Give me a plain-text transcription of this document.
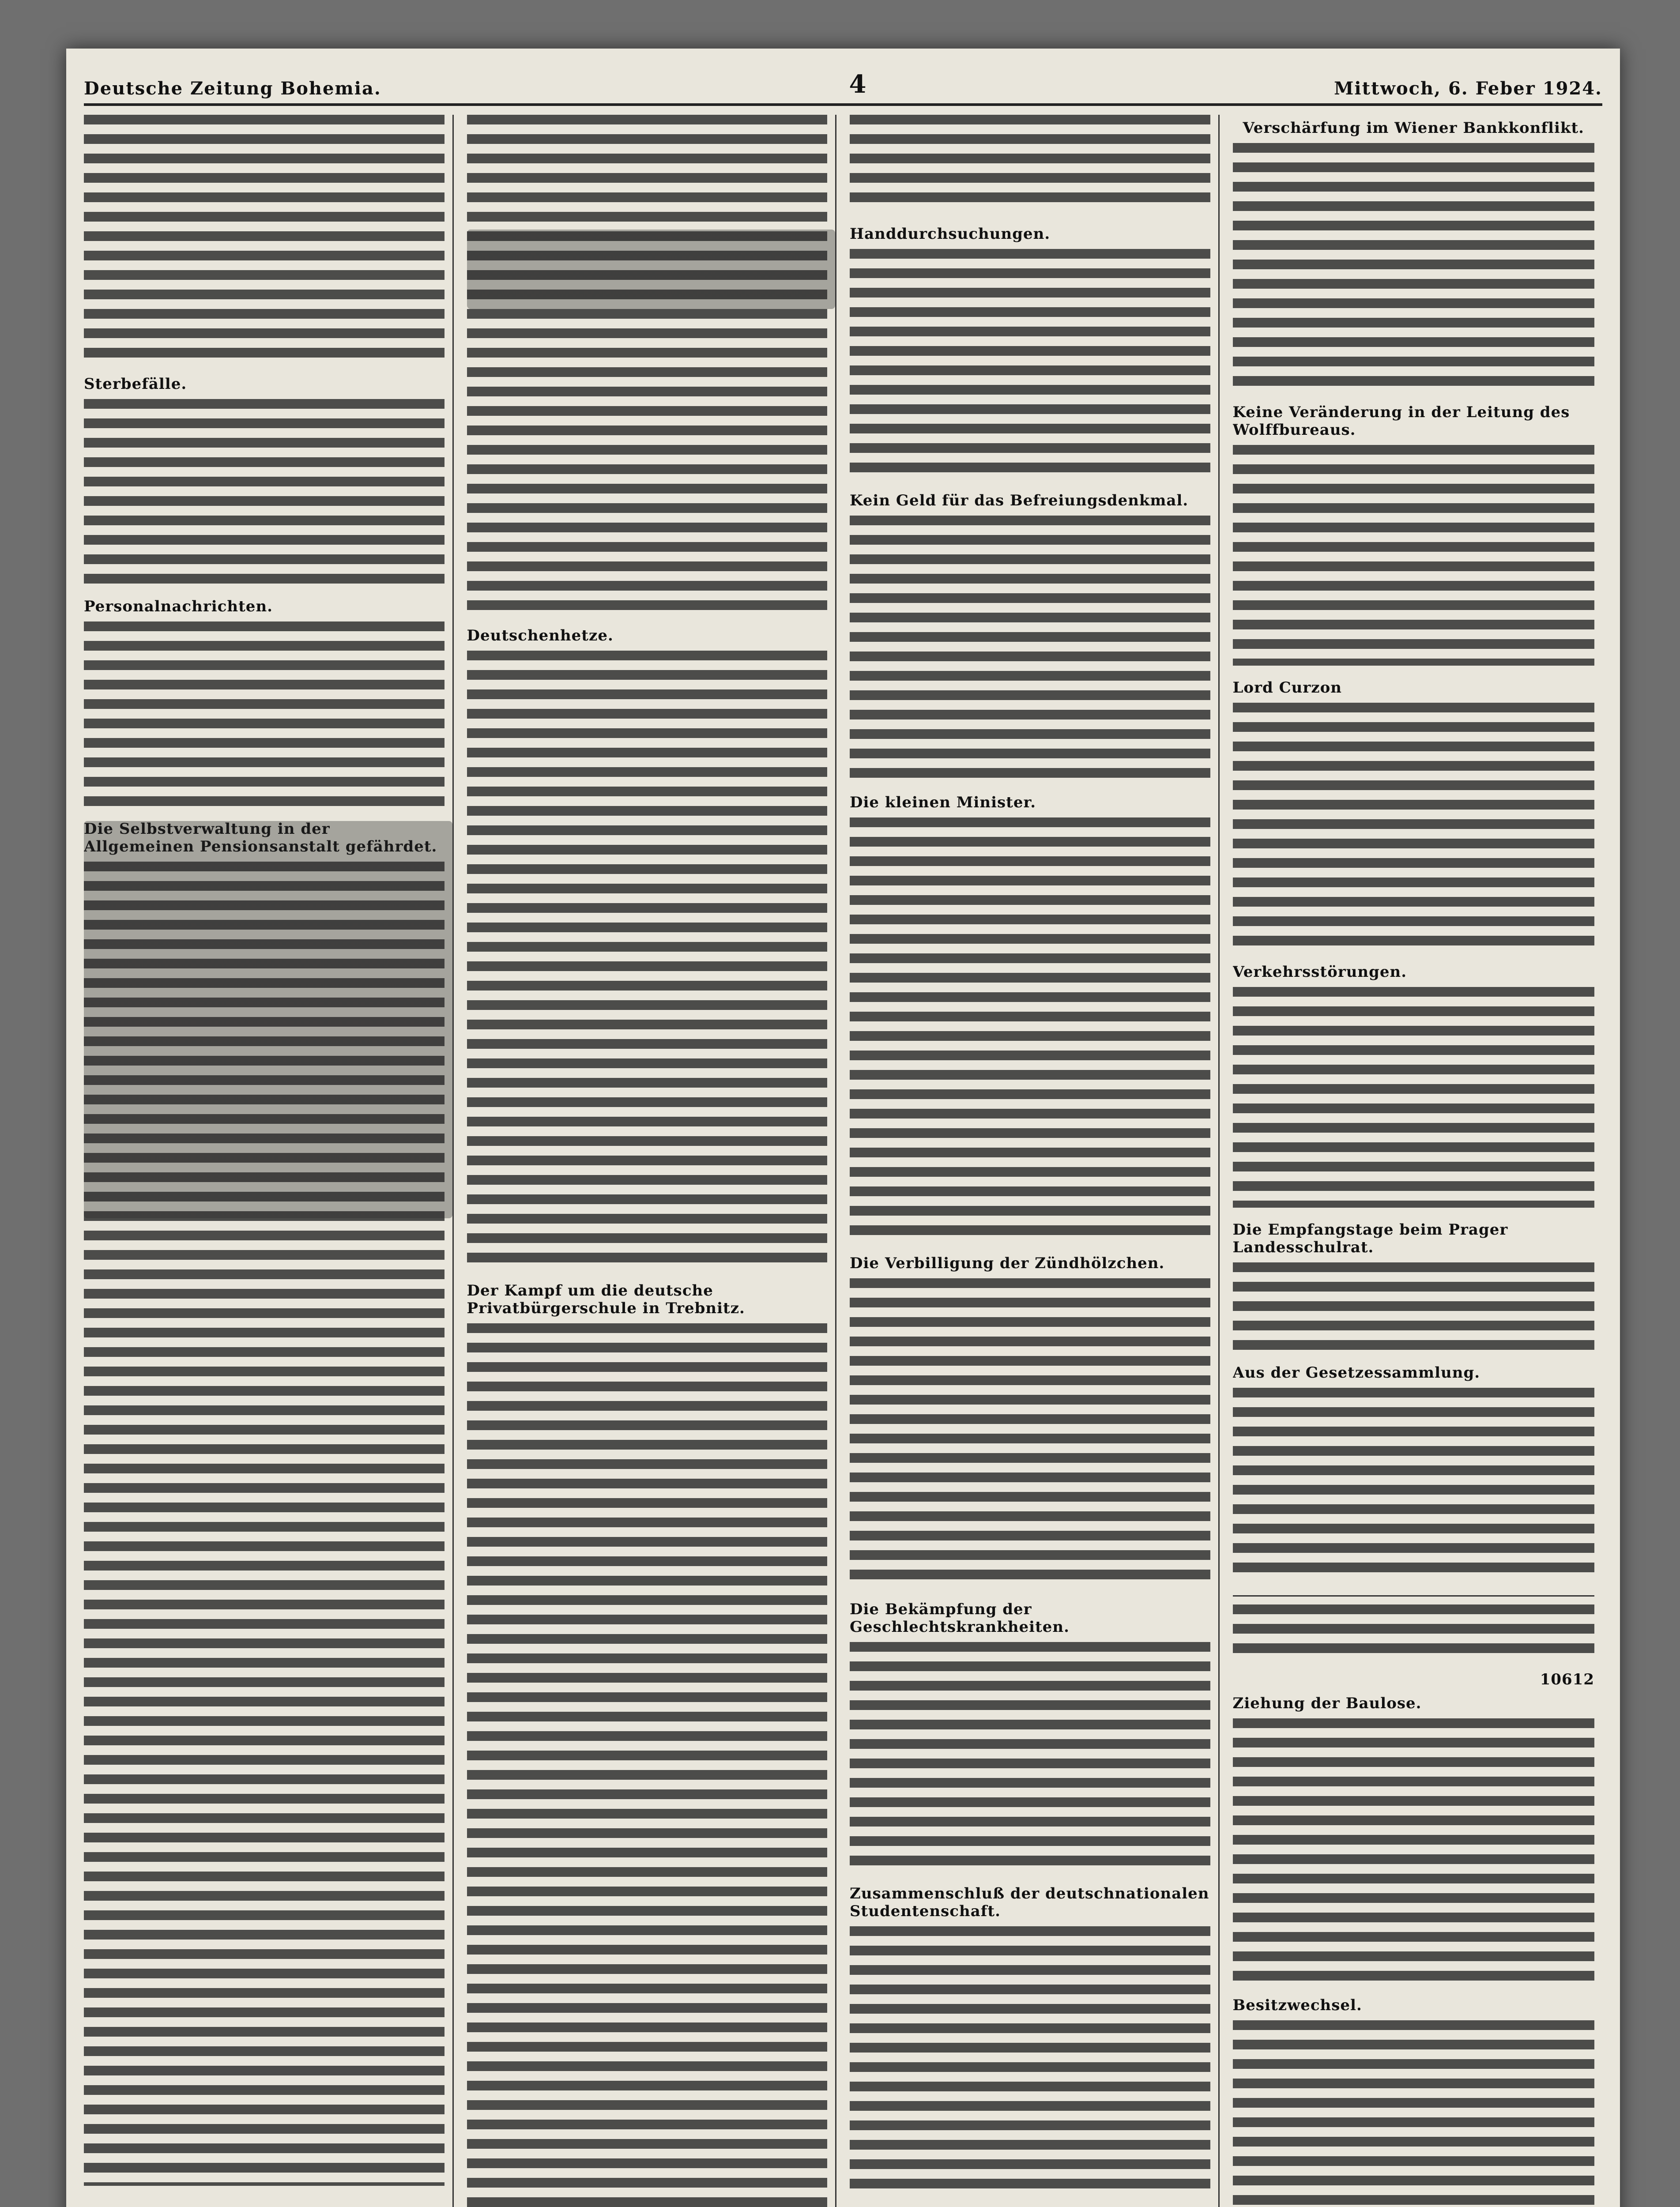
Deutsche Zeitung Bohemia.	4	Mittwoch, 6. Feber 1924.
Sterbefälle.
Personalnachrichten.
Die Selbstverwaltung in der Allgemeinen Pensionsanstalt gefährdet.
Deutschenhetze.
Der Kampf um die deutsche Privatbürgerschule in Trebnitz.
Handdurchsuchungen.
Kein Geld für das Befreiungsdenkmal.
Die kleinen Minister.
Die Verbilligung der Zündhölzchen.
Die Bekämpfung der Geschlechtskrankheiten.
Zusammenschluß der deutschnationalen Studentenschaft.
Verschärfung im Wiener Bankkonflikt.
Keine Veränderung in der Leitung des Wolffbureaus.
Lord Curzon
Verkehrsstörungen.
Die Empfangstage beim Prager Landesschulrat.
Aus der Gesetzessammlung.
10612
Ziehung der Baulose.
Besitzwechsel.
